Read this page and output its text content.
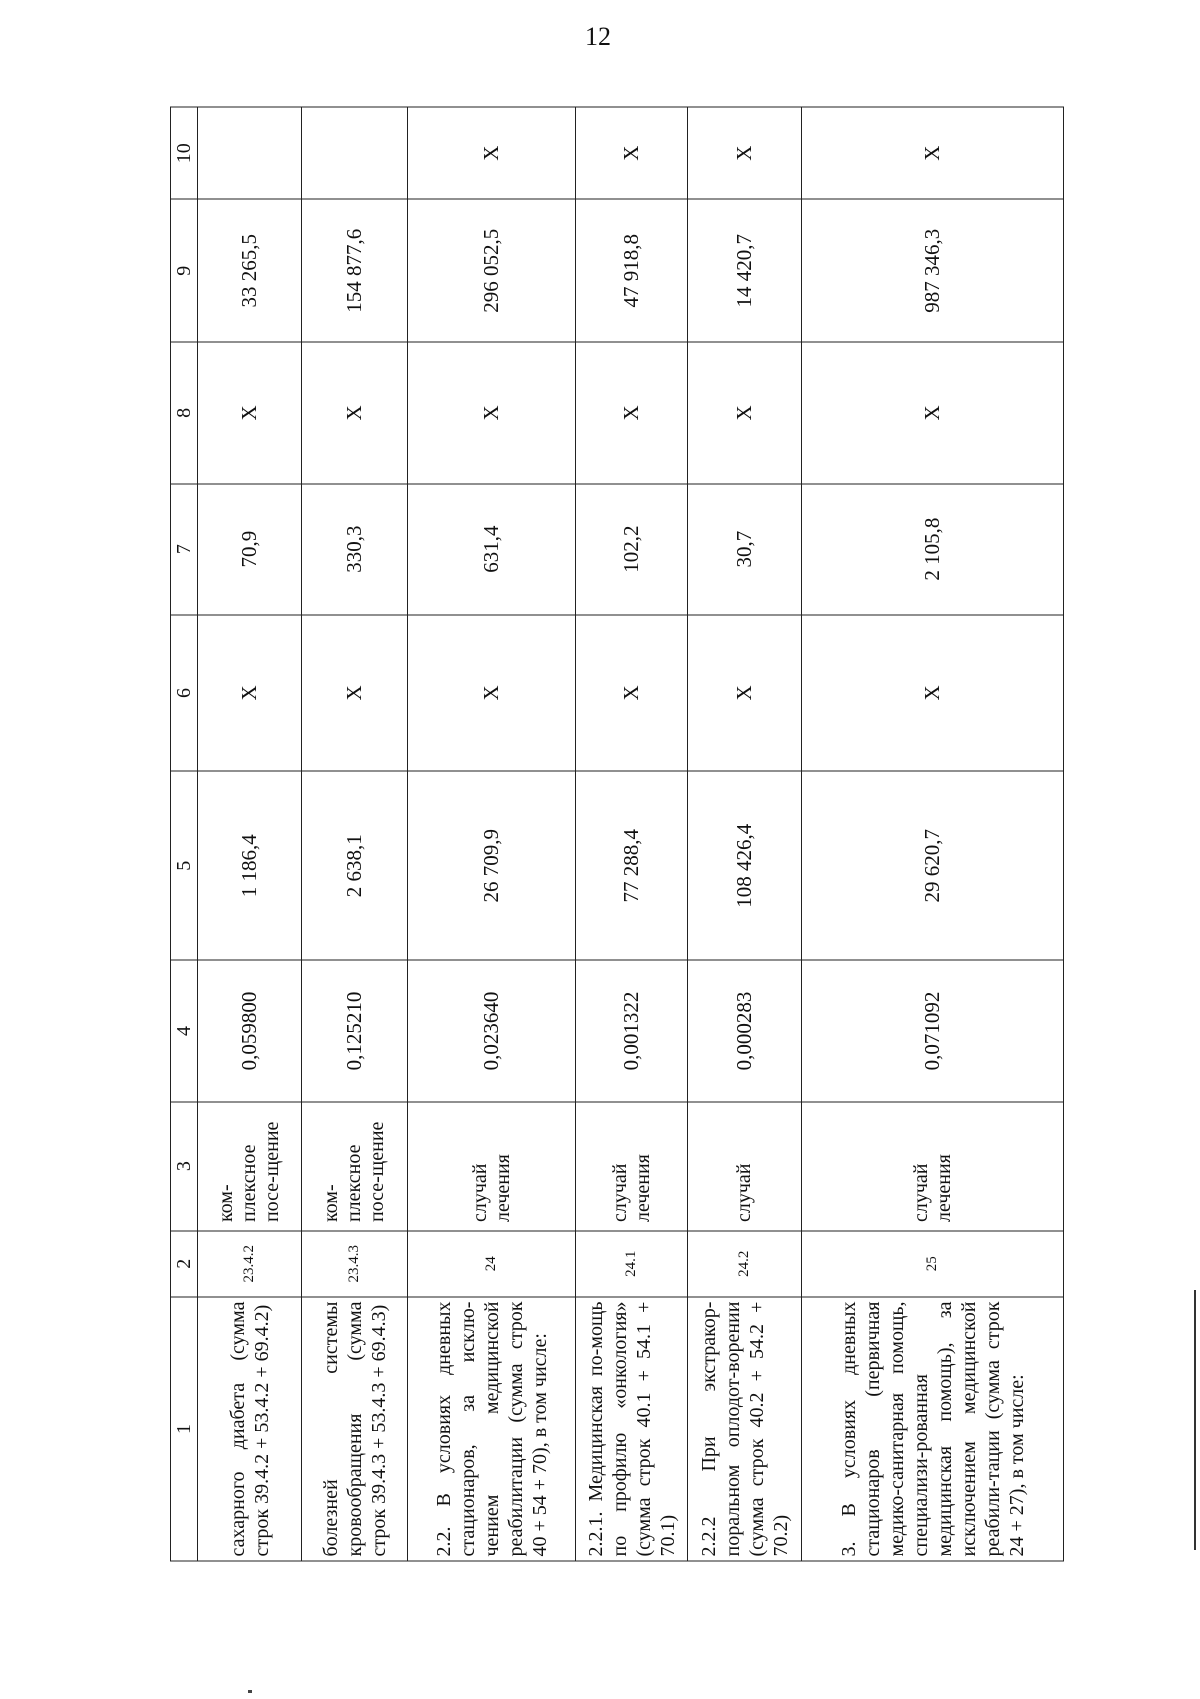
12
1	2	3	4	5	6	7	8	9	10
сахарного диабета (сумма строк 39.4.2 + 53.4.2 + 69.4.2)	23.4.2	ком-плексное посе-щение	0,059800	1 186,4	Х	70,9	Х	33 265,5	
болезней системы кровообращения (сумма строк 39.4.3 + 53.4.3 + 69.4.3)	23.4.3	ком-плексное посе-щение	0,125210	2 638,1	Х	330,3	Х	154 877,6	
2.2. В условиях дневных стационаров, за исклю-чением медицинской реабилитации (сумма строк 40 + 54 + 70), в том числе:	24	случай лечения	0,023640	26 709,9	Х	631,4	Х	296 052,5	Х
2.2.1. Медицинская по-мощь по профилю «онкология» (сумма строк 40.1 + 54.1 + 70.1)	24.1	случай лечения	0,001322	77 288,4	Х	102,2	Х	47 918,8	Х
2.2.2 При экстракор-поральном оплодот-ворении (сумма строк 40.2 + 54.2 + 70.2)	24.2	случай	0,000283	108 426,4	Х	30,7	Х	14 420,7	Х
3. В условиях дневных стационаров (первичная медико-санитарная помощь, специализи-рованная медицинская помощь), за исключением медицинской реабили-тации (сумма строк 24 + 27), в том числе:	25	случай лечения	0,071092	29 620,7	Х	2 105,8	Х	987 346,3	Х
